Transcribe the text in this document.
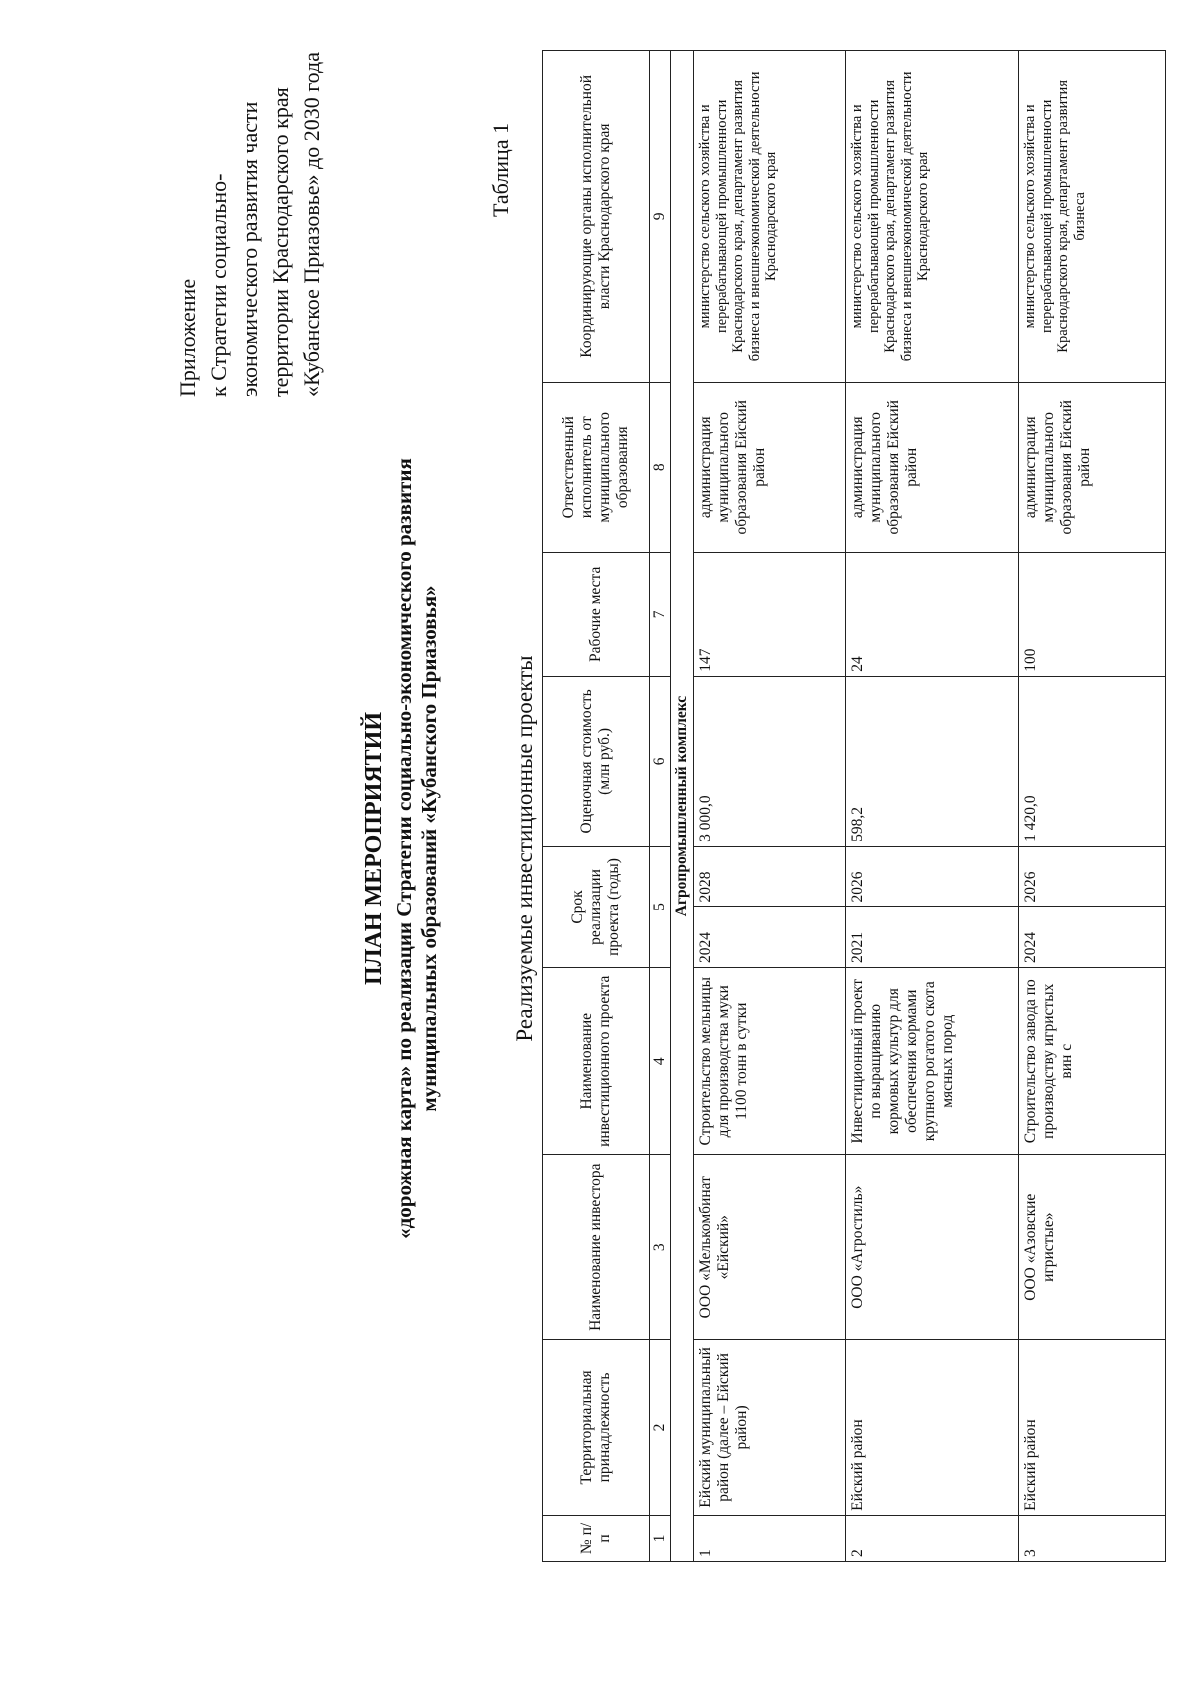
Приложение к Стратегии социально- экономического развития части территории Краснодарского края «Кубанское Приазовье» до 2030 года
ПЛАН МЕРОПРИЯТИЙ «дорожная карта» по реализации Стратегии социально-экономического развития муниципальных образований «Кубанского Приазовья»
Таблица 1
Реализуемые инвестиционные проекты
№ п/п	Территориальная принадлежность	Наименование инвестора	Наименование инвестиционного проекта	Срок реализации проекта (годы)		Оценочная стоимость (млн руб.)	Рабочие места	Ответственный исполнитель от муниципального образования	Координирующие органы исполнительной власти Краснодарского края
1	2	3	4	5		6	7	8	9
Агропромышленный комплекс									
1	Ейский муниципальный район (далее – Ейский район)	ООО «Мелькомбинат «Ейский»	Строительство мельницы для производства муки 1100 тонн в сутки	2024	2028	3 000,0	147	администрация муниципального образования Ейский район	министерство сельского хозяйства и перерабатывающей промышленности Краснодарского края, департамент развития бизнеса и внешнеэкономической деятельности Краснодарского края
2	Ейский район	ООО «Агростиль»	Инвестиционный проект по выращиванию кормовых культур для обеспечения кормами крупного рогатого скота мясных пород	2021	2026	598,2	24	администрация муниципального образования Ейский район	министерство сельского хозяйства и перерабатывающей промышленности Краснодарского края, департамент развития бизнеса и внешнеэкономической деятельности Краснодарского края
3	Ейский район	ООО «Азовские игристые»	Строительство завода по производству игристых вин с	2024	2026	1 420,0	100	администрация муниципального образования Ейский район	министерство сельского хозяйства и перерабатывающей промышленности Краснодарского края, департамент развития бизнеса
